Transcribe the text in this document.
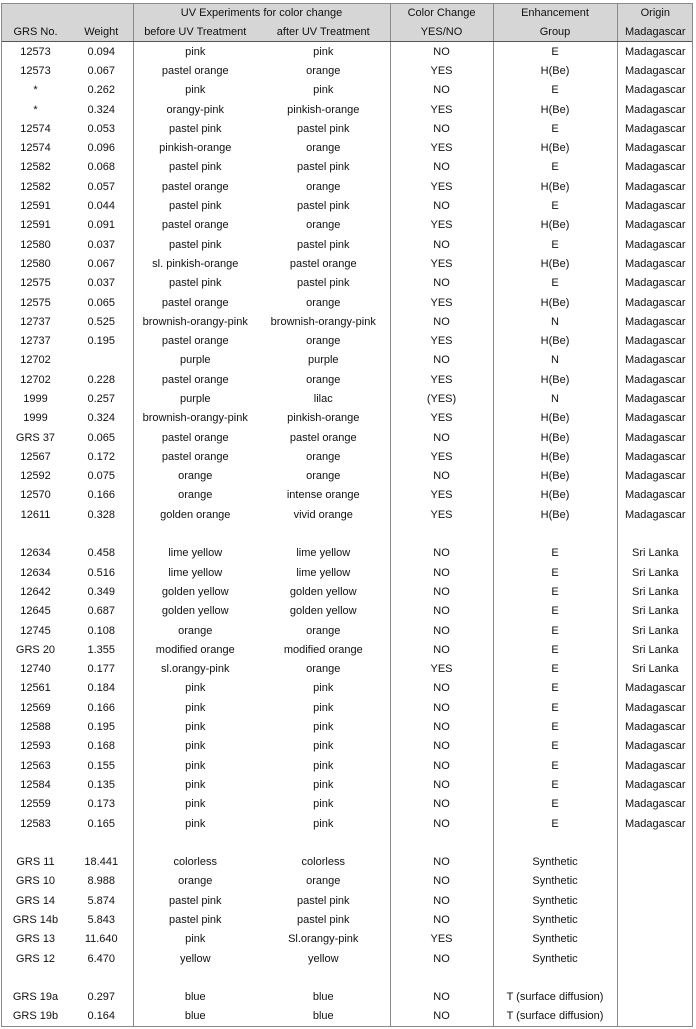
		UV Experiments for color change		Color Change	Enhancement	Origin
GRS No.	Weight	before UV Treatment	after UV Treatment	YES/NO	Group	Madagascar
12573	0.094	pink	pink	NO	E	Madagascar
12573	0.067	pastel orange	orange	YES	H(Be)	Madagascar
*	0.262	pink	pink	NO	E	Madagascar
*	0.324	orangy-pink	pinkish-orange	YES	H(Be)	Madagascar
12574	0.053	pastel pink	pastel pink	NO	E	Madagascar
12574	0.096	pinkish-orange	orange	YES	H(Be)	Madagascar
12582	0.068	pastel pink	pastel pink	NO	E	Madagascar
12582	0.057	pastel orange	orange	YES	H(Be)	Madagascar
12591	0.044	pastel pink	pastel pink	NO	E	Madagascar
12591	0.091	pastel orange	orange	YES	H(Be)	Madagascar
12580	0.037	pastel pink	pastel pink	NO	E	Madagascar
12580	0.067	sl. pinkish-orange	pastel orange	YES	H(Be)	Madagascar
12575	0.037	pastel pink	pastel pink	NO	E	Madagascar
12575	0.065	pastel orange	orange	YES	H(Be)	Madagascar
12737	0.525	brownish-orangy-pink	brownish-orangy-pink	NO	N	Madagascar
12737	0.195	pastel orange	orange	YES	H(Be)	Madagascar
12702		purple	purple	NO	N	Madagascar
12702	0.228	pastel orange	orange	YES	H(Be)	Madagascar
1999	0.257	purple	lilac	(YES)	N	Madagascar
1999	0.324	brownish-orangy-pink	pinkish-orange	YES	H(Be)	Madagascar
GRS 37	0.065	pastel orange	pastel orange	NO	H(Be)	Madagascar
12567	0.172	pastel orange	orange	YES	H(Be)	Madagascar
12592	0.075	orange	orange	NO	H(Be)	Madagascar
12570	0.166	orange	intense orange	YES	H(Be)	Madagascar
12611	0.328	golden orange	vivid orange	YES	H(Be)	Madagascar

12634	0.458	lime yellow	lime yellow	NO	E	Sri Lanka
12634	0.516	lime yellow	lime yellow	NO	E	Sri Lanka
12642	0.349	golden yellow	golden yellow	NO	E	Sri Lanka
12645	0.687	golden yellow	golden yellow	NO	E	Sri Lanka
12745	0.108	orange	orange	NO	E	Sri Lanka
GRS 20	1.355	modified orange	modified orange	NO	E	Sri Lanka
12740	0.177	sl.orangy-pink	orange	YES	E	Sri Lanka
12561	0.184	pink	pink	NO	E	Madagascar
12569	0.166	pink	pink	NO	E	Madagascar
12588	0.195	pink	pink	NO	E	Madagascar
12593	0.168	pink	pink	NO	E	Madagascar
12563	0.155	pink	pink	NO	E	Madagascar
12584	0.135	pink	pink	NO	E	Madagascar
12559	0.173	pink	pink	NO	E	Madagascar
12583	0.165	pink	pink	NO	E	Madagascar

GRS 11	18.441	colorless	colorless	NO	Synthetic	
GRS 10	8.988	orange	orange	NO	Synthetic	
GRS 14	5.874	pastel pink	pastel pink	NO	Synthetic	
GRS 14b	5.843	pastel pink	pastel pink	NO	Synthetic	
GRS 13	11.640	pink	Sl.orangy-pink	YES	Synthetic	
GRS 12	6.470	yellow	yellow	NO	Synthetic	

GRS 19a	0.297	blue	blue	NO	T (surface diffusion)	
GRS 19b	0.164	blue	blue	NO	T (surface diffusion)	
